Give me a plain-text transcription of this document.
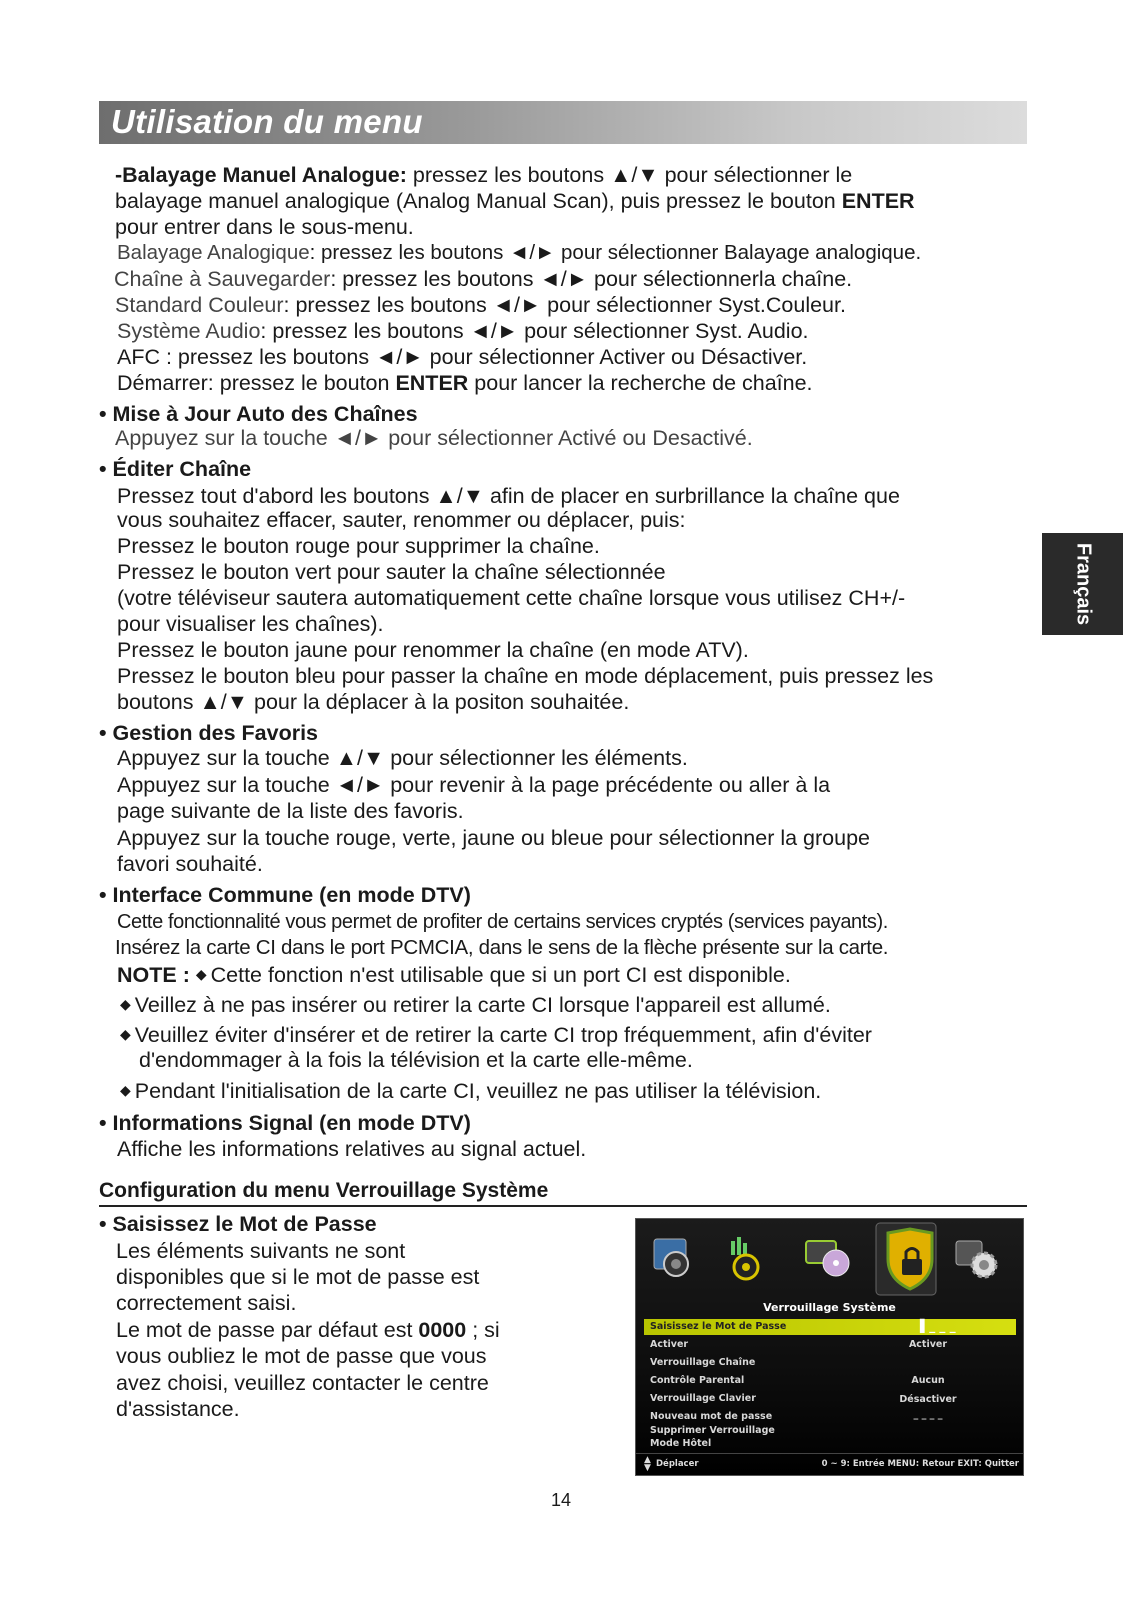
Utilisation du menu
Français
-Balayage Manuel Analogue: pressez les boutons ▲/▼ pour sélectionner le
balayage manuel analogique (Analog Manual Scan), puis pressez le bouton ENTER
pour entrer dans le sous-menu.
Balayage Analogique: pressez les boutons ◄/► pour sélectionner Balayage analogique.
Chaîne à Sauvegarder: pressez les boutons ◄/► pour sélectionnerla chaîne.
Standard Couleur: pressez les boutons ◄/► pour sélectionner Syst.Couleur.
Système Audio: pressez les boutons ◄/► pour sélectionner Syst. Audio.
AFC : pressez les boutons ◄/► pour sélectionner Activer ou Désactiver.
Démarrer: pressez le bouton ENTER pour lancer la recherche de chaîne.
• Mise à Jour Auto des Chaînes
Appuyez sur la touche ◄/► pour sélectionner Activé ou Desactivé.
• Éditer Chaîne
Pressez tout d'abord les boutons ▲/▼ afin de placer en surbrillance la chaîne que
vous souhaitez effacer, sauter, renommer ou déplacer, puis:
Pressez le bouton rouge pour supprimer la chaîne.
Pressez le bouton vert pour sauter la chaîne sélectionnée
(votre téléviseur sautera automatiquement cette chaîne lorsque vous utilisez CH+/-
pour visualiser les chaînes).
Pressez le bouton jaune pour renommer la chaîne (en mode ATV).
Pressez le bouton bleu pour passer la chaîne en mode déplacement, puis pressez les
boutons ▲/▼ pour la déplacer à la positon souhaitée.
• Gestion des Favoris
Appuyez sur la touche ▲/▼ pour sélectionner les éléments.
Appuyez sur la touche ◄/► pour revenir à la page précédente ou aller à la
page suivante de la liste des favoris.
Appuyez sur la touche rouge, verte, jaune ou bleue pour sélectionner la groupe
favori souhaité.
• Interface Commune (en mode DTV)
Cette fonctionnalité vous permet de profiter de certains services cryptés (services payants).
Insérez la carte CI dans le port PCMCIA, dans le sens de la flèche présente sur la carte.
NOTE : ◆ Cette fonction n'est utilisable que si un port CI est disponible.
◆ Veillez à ne pas insérer ou retirer la carte CI lorsque l'appareil est allumé.
◆ Veuillez éviter d'insérer et de retirer la carte CI trop fréquemment, afin d'éviter
d'endommager à la fois la télévision et la carte elle-même.
◆ Pendant l'initialisation de la carte CI, veuillez ne pas utiliser la télévision.
• Informations Signal (en mode DTV)
Affiche les informations relatives au signal actuel.
Configuration du menu Verrouillage Système
• Saisissez le Mot de Passe
Les éléments suivants ne sont
disponibles que si le mot de passe est
correctement saisi.
Le mot de passe par défaut est 0000 ; si
vous oubliez le mot de passe que vous
avez choisi, veuillez contacter le centre
d'assistance.
Verrouillage Système
Saisissez le Mot de Passe	▌_ _ _
Activer
Verrouillage Chaîne
Contrôle Parental
Verrouillage Clavier
Nouveau mot de passe
Supprimer Verrouillage
Mode Hôtel
Activer
Aucun
Désactiver
_ _ _ _
▲
▼ Déplacer	0 ~ 9: Entrée MENU: Retour EXIT: Quitter
14
